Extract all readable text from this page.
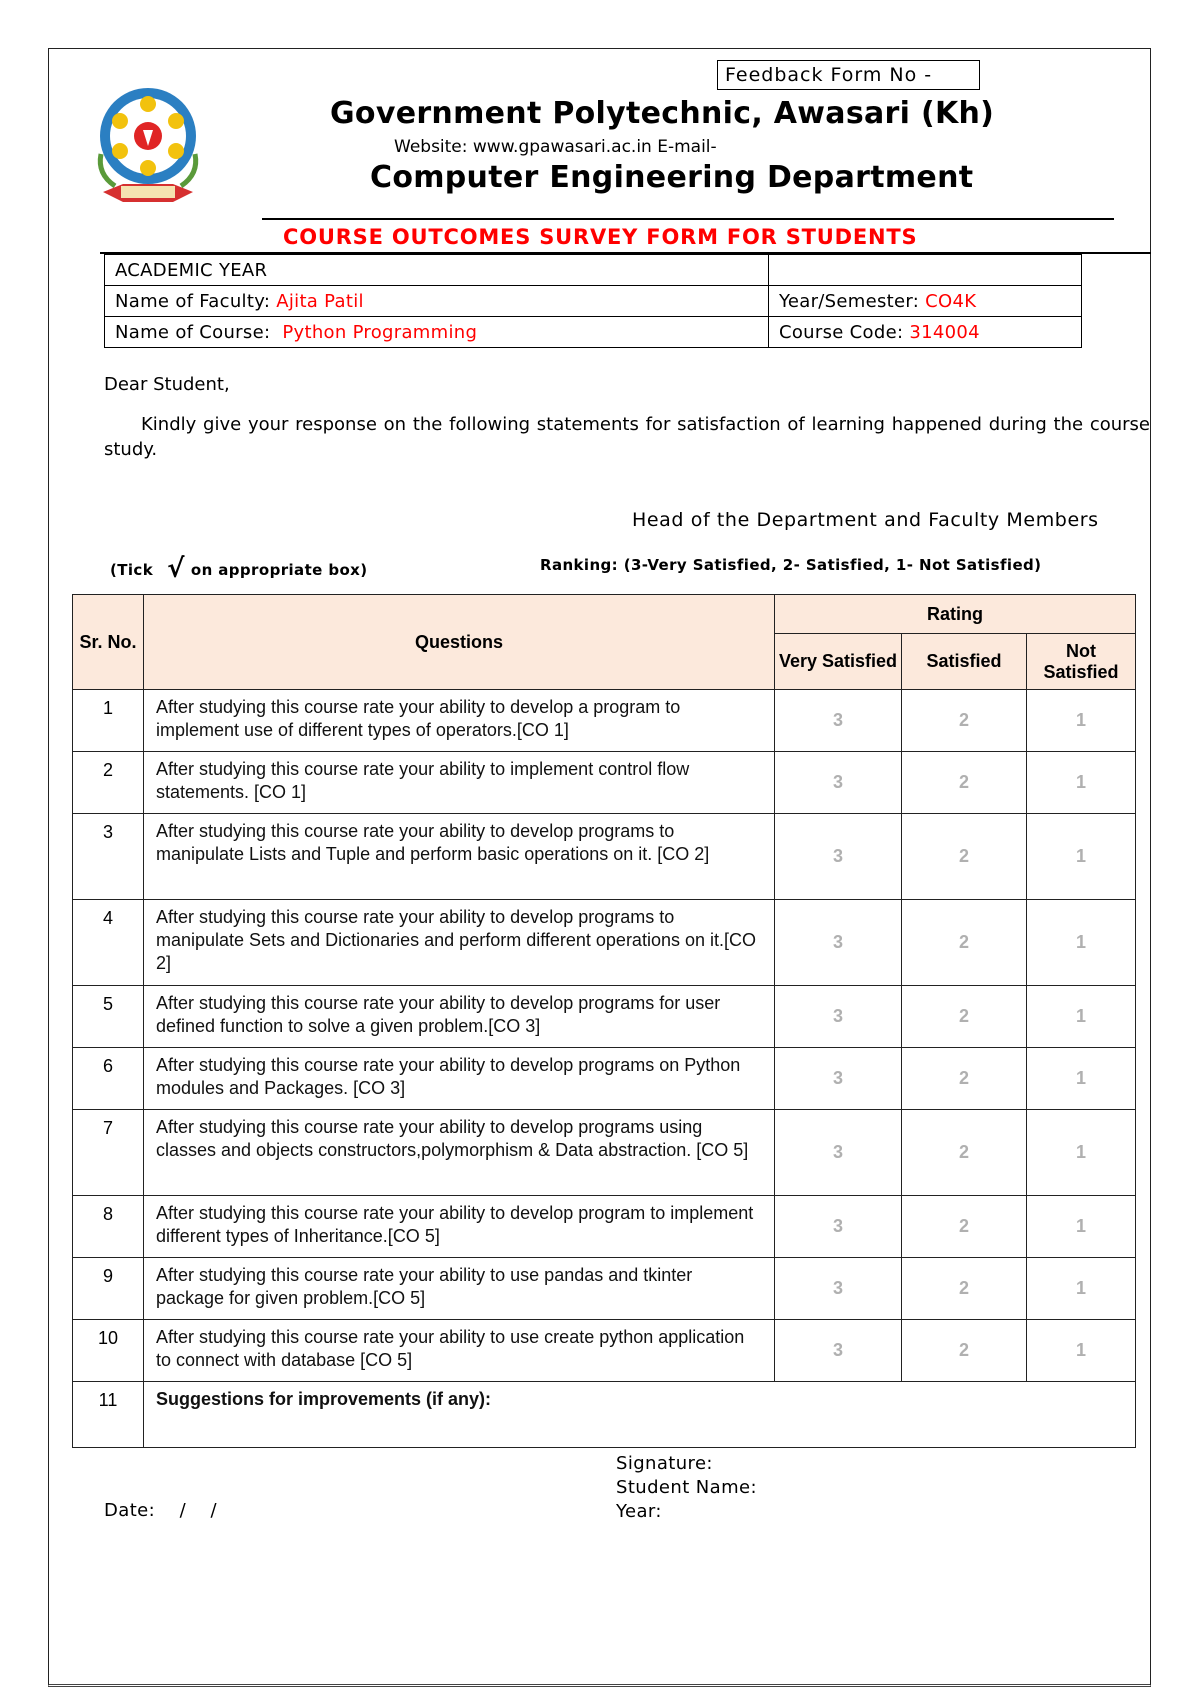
Feedback Form No -
Government Polytechnic, Awasari (Kh)
Website: www.gpawasari.ac.in E-mail-
Computer Engineering Department
COURSE OUTCOMES SURVEY FORM FOR STUDENTS
ACADEMIC YEAR	
Name of Faculty: Ajita Patil	Year/Semester: CO4K
Name of Course:  Python Programming	Course Code: 314004
Dear Student,
Kindly give your response on the following statements for satisfaction of learning happened during the course study.
Head of the Department and Faculty Members
(Tick √ on appropriate box)	Ranking: (3-Very Satisfied, 2- Satisfied, 1- Not Satisfied)
Sr. No.	Questions	Rating		
		Very Satisfied	Satisfied	Not Satisfied
1	After studying this course rate your ability to develop a program to implement use of different types of operators.[CO 1]	3	2	1
2	After studying this course rate your ability to implement control flow statements. [CO 1]	3	2	1
3	After studying this course rate your ability to develop programs to manipulate Lists and Tuple and perform basic operations on it. [CO 2]	3	2	1
4	After studying this course rate your ability to develop programs to manipulate Sets and Dictionaries and perform different operations on it.[CO 2]	3	2	1
5	After studying this course rate your ability to develop programs for user defined function to solve a given problem.[CO 3]	3	2	1
6	After studying this course rate your ability to develop programs on Python modules and Packages. [CO 3]	3	2	1
7	After studying this course rate your ability to develop programs using classes and objects constructors,polymorphism & Data abstraction. [CO 5]	3	2	1
8	After studying this course rate your ability to develop program to implement different types of Inheritance.[CO 5]	3	2	1
9	After studying this course rate your ability to use pandas and tkinter package for given problem.[CO 5]	3	2	1
10	After studying this course rate your ability to use create python application to connect with database [CO 5]	3	2	1
11	Suggestions for improvements (if any):			
Signature:
Student Name:
Year:
Date:    /    /
